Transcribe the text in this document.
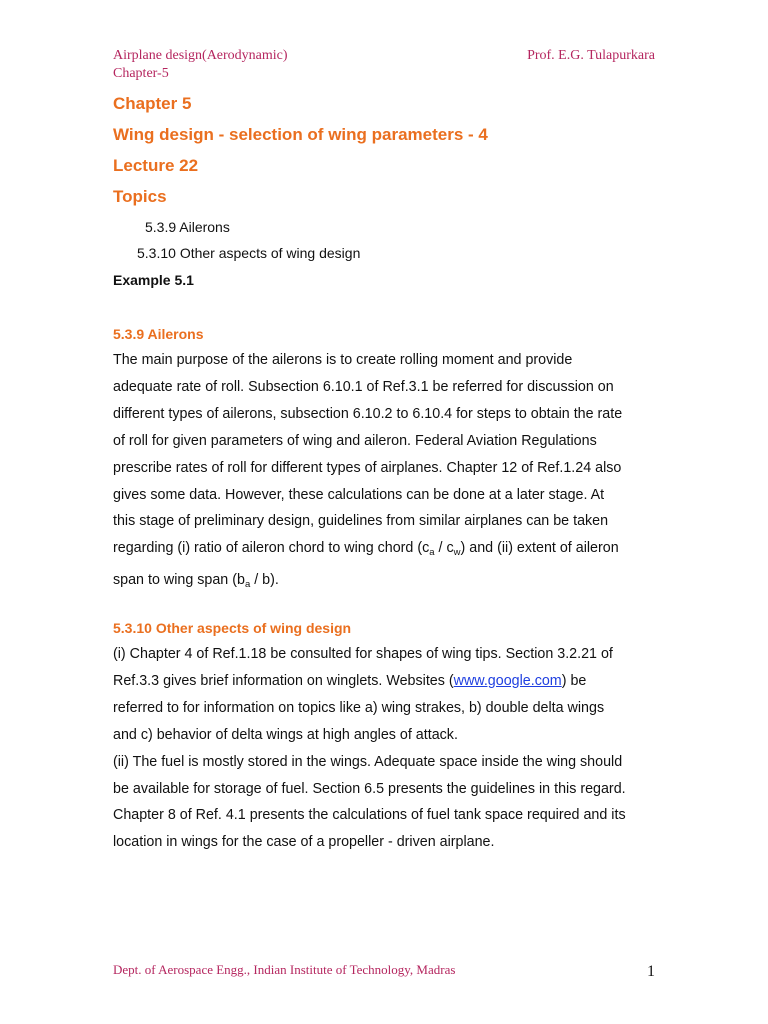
Airplane design(Aerodynamic)
Chapter-5
Prof. E.G. Tulapurkara
Chapter 5
Wing design - selection of wing parameters - 4
Lecture 22
Topics
5.3.9 Ailerons
5.3.10 Other aspects of wing design
Example 5.1
5.3.9 Ailerons
The main purpose of the ailerons is to create rolling moment and provide
adequate rate of roll. Subsection 6.10.1 of Ref.3.1 be referred for discussion on
different types of ailerons, subsection 6.10.2 to 6.10.4 for steps to obtain the rate
of roll for given parameters of wing and aileron. Federal Aviation Regulations
prescribe rates of roll for different types of airplanes. Chapter 12 of Ref.1.24 also
gives some data. However, these calculations can be done at a later stage. At
this stage of preliminary design, guidelines from similar airplanes can be taken
regarding (i) ratio of aileron chord to wing chord $(c_a / c_w)$ and (ii) extent of aileron
span to wing span $(b_a / b)$.
5.3.10 Other aspects of wing design
(i) Chapter 4 of Ref.1.18 be consulted for shapes of wing tips. Section 3.2.21 of
Ref.3.3 gives brief information on winglets. Websites (www.google.com) be
referred to for information on topics like a) wing strakes, b) double delta wings
and c) behavior of delta wings at high angles of attack.
(ii) The fuel is mostly stored in the wings. Adequate space inside the wing should
be available for storage of fuel. Section 6.5 presents the guidelines in this regard.
Chapter 8 of Ref. 4.1 presents the calculations of fuel tank space required and its
location in wings for the case of a propeller - driven airplane.
Dept. of Aerospace Engg., Indian Institute of Technology, Madras	1
